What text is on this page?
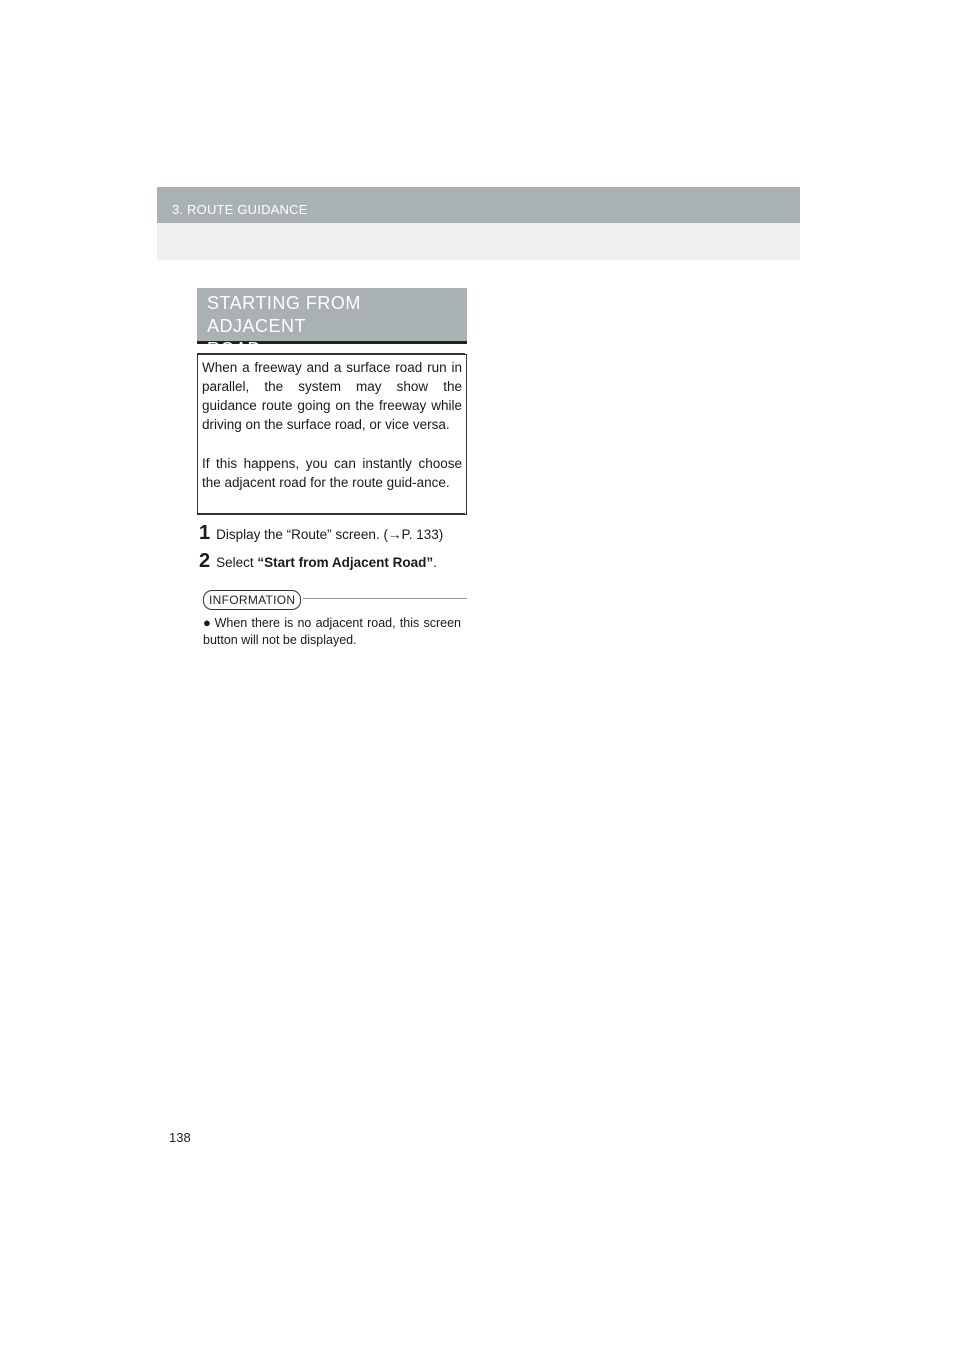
3. ROUTE GUIDANCE
STARTING FROM ADJACENT
ROAD

When a freeway and a surface road run in parallel, the system may show the guidance route going on the freeway while driving on the surface road, or vice versa.

If this happens, you can instantly choose the adjacent road for the route guid-ance.

1 Display the “Route” screen. (→P. 133)
2 Select “Start from Adjacent Road” .
INFORMATION
● When there is no adjacent road, this screen button will not be displayed.
138
